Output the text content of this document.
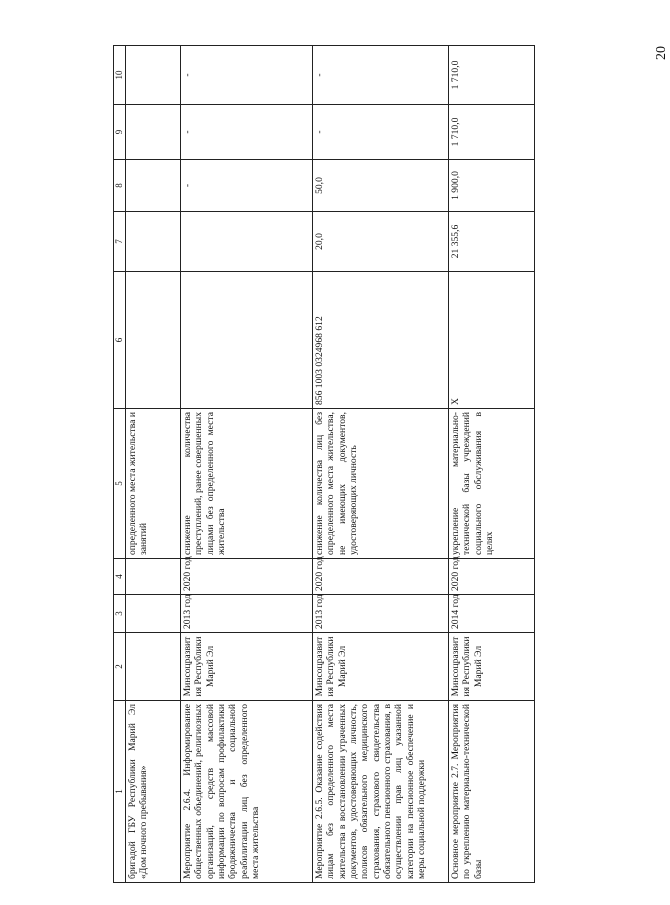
20
1	2	3	4	5	6	7	8	9	10
бригадой ГБУ Республики Марий Эл «Дом ночного пребывания»				определенного места жительства и занятий					
Мероприятие 2.6.4. Информирование общественных объединений, религиозных организаций, средств массовой информации по вопросам профилактики бродяжничества и социальной реабилитации лиц без определенного места жительства	Минсоцразвития Республики Марий Эл	2013 год	2020 год	снижение количества преступлений, ранее совершенных лицами без определенного места жительства			-	-	-
Мероприятие 2.6.5. Оказание содействия лицам без определенного места жительства в восстановлении утраченных документов, удостоверяющих личность, полисов обязательного медицинского страхования, страхового свидетельства обязательного пенсионного страхования, в осуществлении прав лиц указанной категории на пенсионное обеспечение и меры социальной поддержки	Минсоцразвития Республики Марий Эл	2013 год	2020 год	снижение количества лиц без определенного места жительства, не имеющих документов, удостоверяющих личность	856 1003 0324968 612	20,0	50,0	-	-
Основное мероприятие 2.7. Мероприятия по укреплению материально-технической базы	Минсоцразвития Республики Марий Эл	2014 год	2020 год	укрепление материально-технической базы учреждений социального обслуживания в целях	Х	21 355,6	1 900,0	1 710,0	1 710,0
